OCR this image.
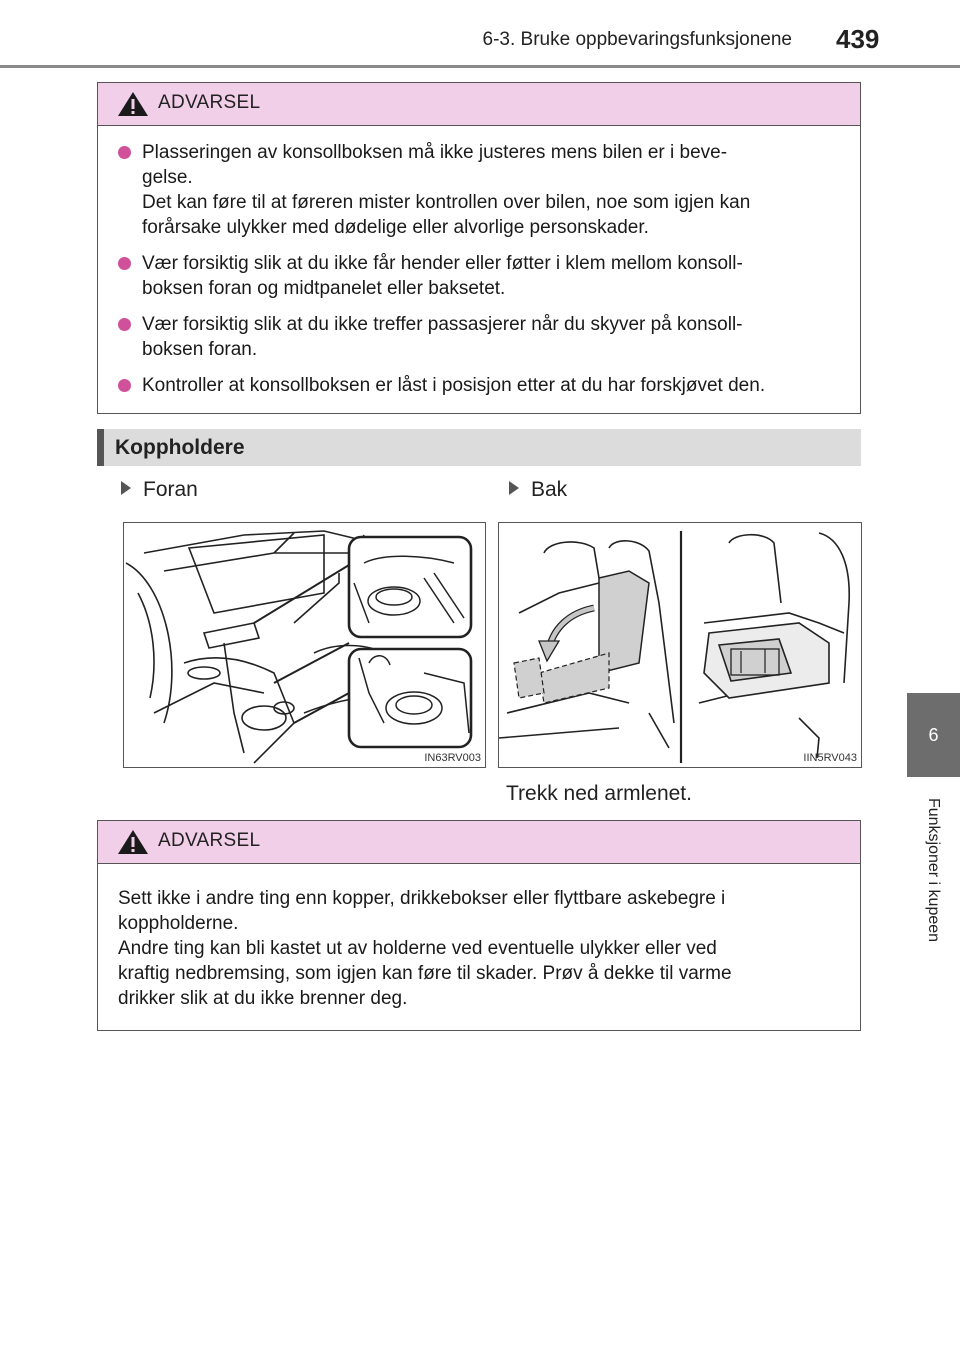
6-3. Bruke oppbevaringsfunksjonene 439
6
Funksjoner i kupeen
ADVARSEL
Plasseringen av konsollboksen må ikke justeres mens bilen er i beve-
gelse.
Det kan føre til at føreren mister kontrollen over bilen, noe som igjen kan
forårsake ulykker med dødelige eller alvorlige personskader.
Vær forsiktig slik at du ikke får hender eller føtter i klem mellom konsoll-
boksen foran og midtpanelet eller baksetet.
Vær forsiktig slik at du ikke treffer passasjerer når du skyver på konsoll-
boksen foran.
Kontroller at konsollboksen er låst i posisjon etter at du har forskjøvet den.
Koppholdere
Foran	Bak
IN63RV003	IIN5RV043
Trekk ned armlenet.
ADVARSEL
Sett ikke i andre ting enn kopper, drikkebokser eller flyttbare askebegre i
koppholderne.
Andre ting kan bli kastet ut av holderne ved eventuelle ulykker eller ved
kraftig nedbremsing, som igjen kan føre til skader. Prøv å dekke til varme
drikker slik at du ikke brenner deg.
